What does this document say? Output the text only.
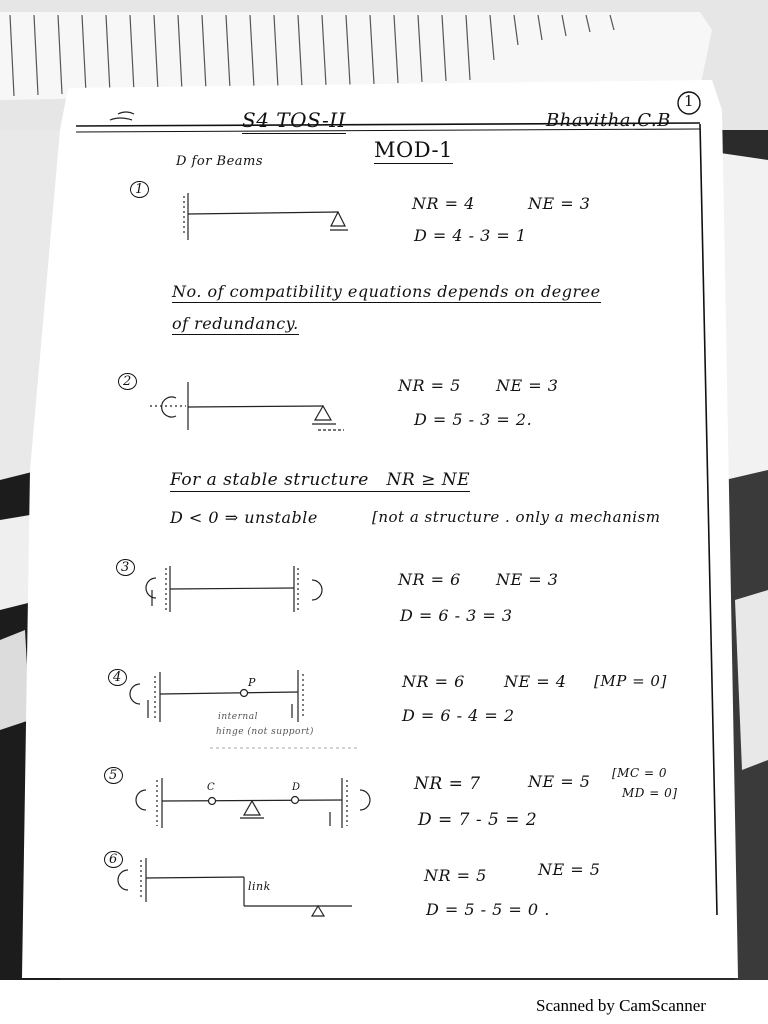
S4 TOS-II	Bhavitha.C.B
1
MOD-1
D for Beams
1
NR = 4	NE = 3
D = 4 - 3 = 1
No. of compatibility equations depends on degree
of redundancy.
2	NR = 5 NE = 3
D = 5 - 3 = 2.
For a stable structure NR ≥ NE
D < 0 ⇒ unstable	[not a structure . only a mechanism
3
NR = 6 NE = 3
D = 6 - 3 = 3
4	P
internal
hinge (not support)
NR = 6 NE = 4 [MP = 0]
D = 6 - 4 = 2
5
C	D	NR = 7	NE = 5 [MC = 0
MD = 0]
D = 7 - 5 = 2
6
link
NR = 5	NE = 5
D = 5 - 5 = 0 .
Scanned by CamScanner
